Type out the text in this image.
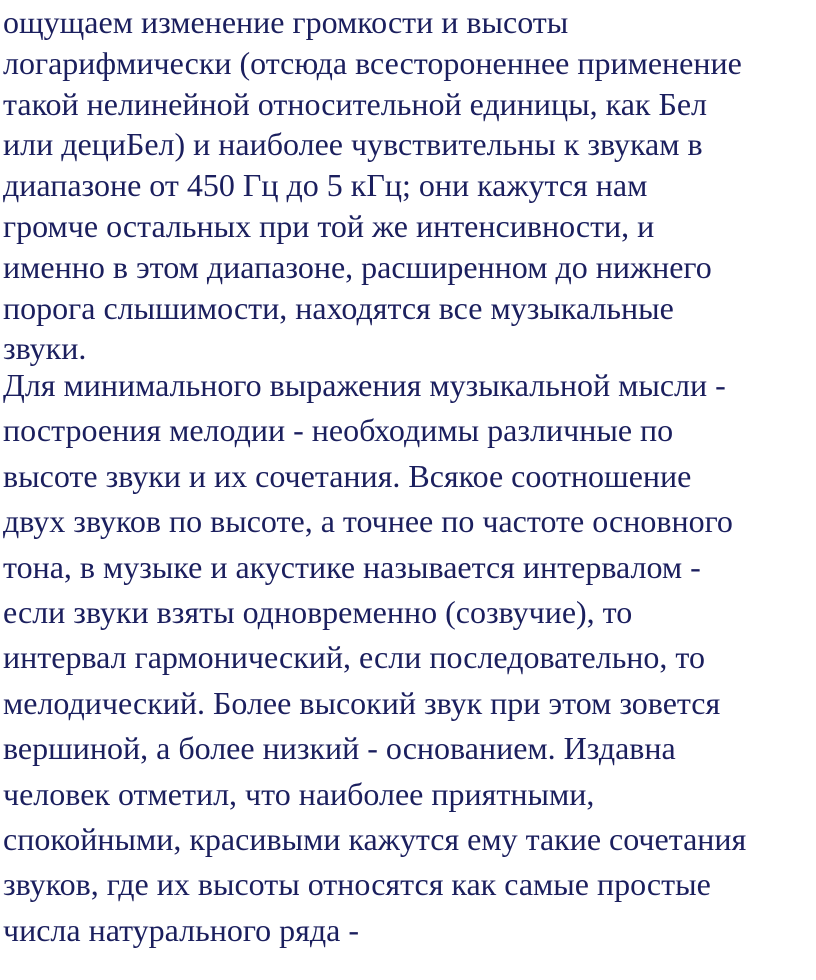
ощущаем изменение громкости и высоты
логарифмически (отсюда всестороненнее применение
такой нелинейной относительной единицы, как Бел
или дециБел) и наиболее чувствительны к звукам в
диапазоне от 450 Гц до 5 кГц; они кажутся нам
громче остальных при той же интенсивности, и
именно в этом диапазоне, расширенном до нижнего
порога слышимости, находятся все музыкальные
звуки.

Для минимального выражения музыкальной мысли -
построения мелодии - необходимы различные по
высоте звуки и их сочетания. Всякое соотношение
двух звуков по высоте, а точнее по частоте основного
тона, в музыке и акустике называется интервалом -
если звуки взяты одновременно (созвучие), то
интервал гармонический, если последовательно, то
мелодический. Более высокий звук при этом зовется
вершиной, а более низкий - основанием. Издавна
человек отметил, что наиболее приятными,
спокойными, красивыми кажутся ему такие сочетания
звуков, где их высоты относятся как самые простые
числа натурального ряда -
